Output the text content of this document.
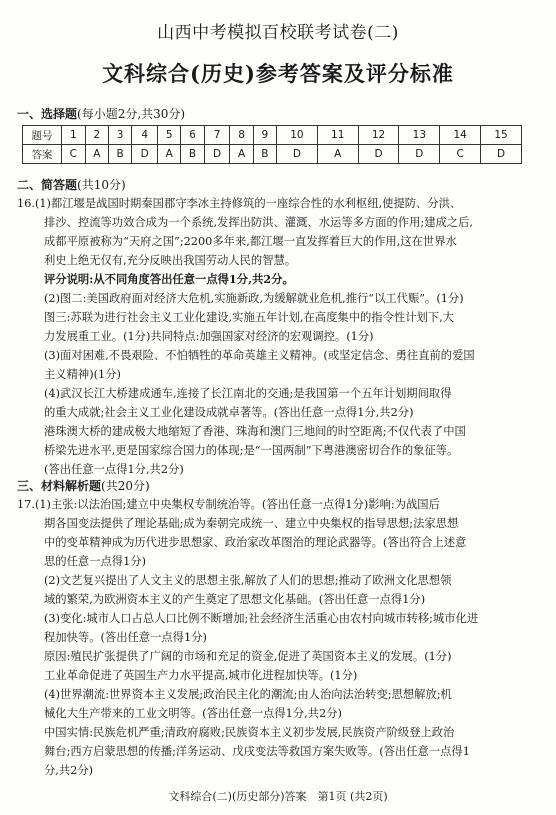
山西中考模拟百校联考试卷(二)
文科综合(历史)参考答案及评分标准
一、选择题(每小题2分,共30分)
题号	1	2	3	4	5	6	7	8	9	10	11	12	13	14	15
答案	C	A	B	D	A	B	D	A	B	D	A	D	D	C	D
二、简答题(共10分)

16.(1)都江堰是战国时期秦国郡守李冰主持修筑的一座综合性的水利枢纽,使提防、分洪、

排沙、控流等功效合成为一个系统,发挥出防洪、灌溉、水运等多方面的作用;建成之后,

成都平原被称为“天府之国”;2200多年来,都江堰一直发挥着巨大的作用,这在世界水

利史上绝无仅有,充分反映出我国劳动人民的智慧。

评分说明:从不同角度答出任意一点得1分,共2分。

(2)图二:美国政府面对经济大危机,实施新政,为缓解就业危机,推行“以工代赈”。(1分)

图三:苏联为进行社会主义工业化建设,实施五年计划,在高度集中的指令性计划下,大

力发展重工业。(1分)共同特点:加强国家对经济的宏观调控。(1分)

(3)面对困难,不畏艰险、不怕牺牲的革命英雄主义精神。(或坚定信念、勇往直前的爱国

主义精神)(1分)

(4)武汉长江大桥建成通车,连接了长江南北的交通;是我国第一个五年计划期间取得

的重大成就;社会主义工业化建设成就卓著等。(答出任意一点得1分,共2分)

港珠澳大桥的建成极大地缩短了香港、珠海和澳门三地间的时空距离;不仅代表了中国

桥梁先进水平,更是国家综合国力的体现;是“一国两制”下粤港澳密切合作的象征等。

(答出任意一点得1分,共2分)

三、材料解析题(共20分)

17.(1)主张:以法治国;建立中央集权专制统治等。(答出任意一点得1分)影响:为战国后

期各国变法提供了理论基础;成为秦朝完成统一、建立中央集权的指导思想;法家思想

中的变革精神成为历代进步思想家、政治家改革图治的理论武器等。(答出符合上述意

思的任意一点得1分)

(2)文艺复兴提出了人文主义的思想主张,解放了人们的思想;推动了欧洲文化思想领

域的繁荣,为欧洲资本主义的产生奠定了思想文化基础。(答出任意一点得1分)

(3)变化:城市人口占总人口比例不断增加;社会经济生活重心由农村向城市转移;城市化进

程加快等。(答出任意一点得1分)

原因:殖民扩张提供了广阔的市场和充足的资金,促进了英国资本主义的发展。(1分)

工业革命促进了英国生产力水平提高,城市化进程加快等。(1分)

(4)世界潮流:世界资本主义发展;政治民主化的潮流;由人治向法治转变;思想解放;机

械化大生产带来的工业文明等。(答出任意一点得1分,共2分)

中国实情:民族危机严重;清政府腐败;民族资本主义初步发展,民族资产阶级登上政治

舞台;西方启蒙思想的传播;洋务运动、戊戌变法等救国方案失败等。(答出任意一点得1

分,共2分)

文科综合(二)(历史部分)答案　第1页 (共2页)
